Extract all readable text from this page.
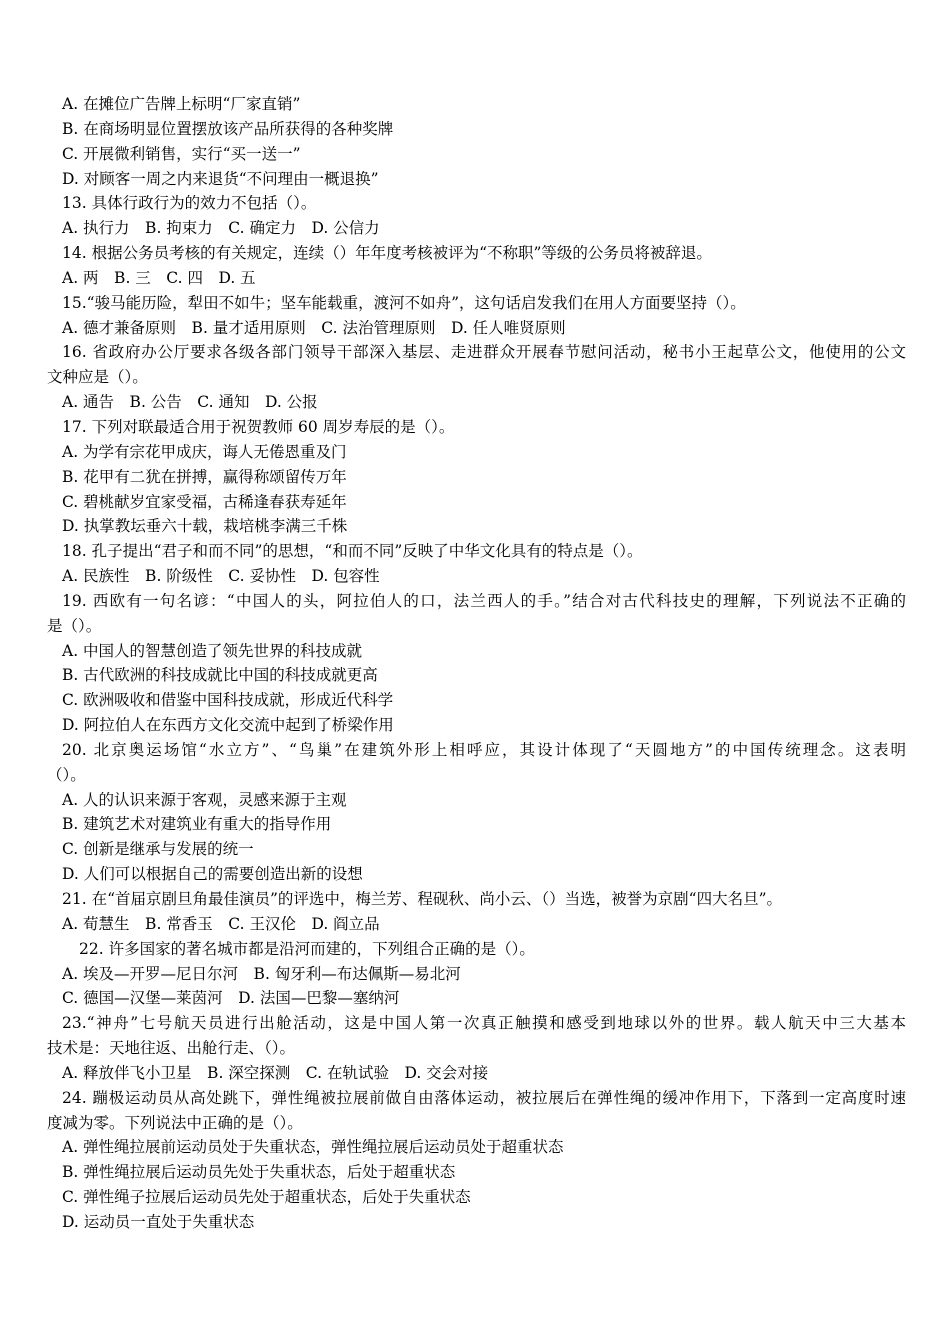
A. 在摊位广告牌上标明“厂家直销”
B. 在商场明显位置摆放该产品所获得的各种奖牌
C. 开展微利销售，实行“买一送一”
D. 对顾客一周之内来退货“不问理由一概退换”
13. 具体行政行为的效力不包括（）。
A. 执行力　B. 拘束力　C. 确定力　D. 公信力
14. 根据公务员考核的有关规定，连续（）年年度考核被评为“不称职”等级的公务员将被辞退。
A. 两　B. 三　C. 四　D. 五
15.“骏马能历险，犁田不如牛；坚车能载重，渡河不如舟”，这句话启发我们在用人方面要坚持（）。
A. 德才兼备原则　B. 量才适用原则　C. 法治管理原则　D. 任人唯贤原则
16. 省政府办公厅要求各级各部门领导干部深入基层、走进群众开展春节慰问活动，秘书小王起草公文，他使用的公文
文种应是（）。
A. 通告　B. 公告　C. 通知　D. 公报
17. 下列对联最适合用于祝贺教师 60 周岁寿辰的是（）。
A. 为学有宗花甲成庆，诲人无倦恩重及门
B. 花甲有二犹在拼搏，赢得称颂留传万年
C. 碧桃献岁宜家受福，古稀逢春获寿延年
D. 执掌教坛垂六十载，栽培桃李满三千株
18. 孔子提出“君子和而不同”的思想，“和而不同”反映了中华文化具有的特点是（）。
A. 民族性　B. 阶级性　C. 妥协性　D. 包容性
19. 西欧有一句名谚：“中国人的头，阿拉伯人的口，法兰西人的手。”结合对古代科技史的理解，下列说法不正确的
是（）。
A. 中国人的智慧创造了领先世界的科技成就
B. 古代欧洲的科技成就比中国的科技成就更高
C. 欧洲吸收和借鉴中国科技成就，形成近代科学
D. 阿拉伯人在东西方文化交流中起到了桥梁作用
20. 北京奥运场馆“水立方”、“鸟巢”在建筑外形上相呼应，其设计体现了“天圆地方”的中国传统理念。这表明
（）。
A. 人的认识来源于客观，灵感来源于主观
B. 建筑艺术对建筑业有重大的指导作用
C. 创新是继承与发展的统一
D. 人们可以根据自己的需要创造出新的设想
21. 在“首届京剧旦角最佳演员”的评选中，梅兰芳、程砚秋、尚小云、（）当选，被誉为京剧“四大名旦”。
A. 荀慧生　B. 常香玉　C. 王汉伦　D. 阎立品
22. 许多国家的著名城市都是沿河而建的，下列组合正确的是（）。
A. 埃及—开罗—尼日尔河　B. 匈牙利—布达佩斯—易北河
C. 德国—汉堡—莱茵河　D. 法国—巴黎—塞纳河
23.“神舟”七号航天员进行出舱活动，这是中国人第一次真正触摸和感受到地球以外的世界。载人航天中三大基本
技术是：天地往返、出舱行走、（）。
A. 释放伴飞小卫星　B. 深空探测　C. 在轨试验　D. 交会对接
24. 蹦极运动员从高处跳下，弹性绳被拉展前做自由落体运动，被拉展后在弹性绳的缓冲作用下，下落到一定高度时速
度减为零。下列说法中正确的是（）。
A. 弹性绳拉展前运动员处于失重状态，弹性绳拉展后运动员处于超重状态
B. 弹性绳拉展后运动员先处于失重状态，后处于超重状态
C. 弹性绳子拉展后运动员先处于超重状态，后处于失重状态
D. 运动员一直处于失重状态
